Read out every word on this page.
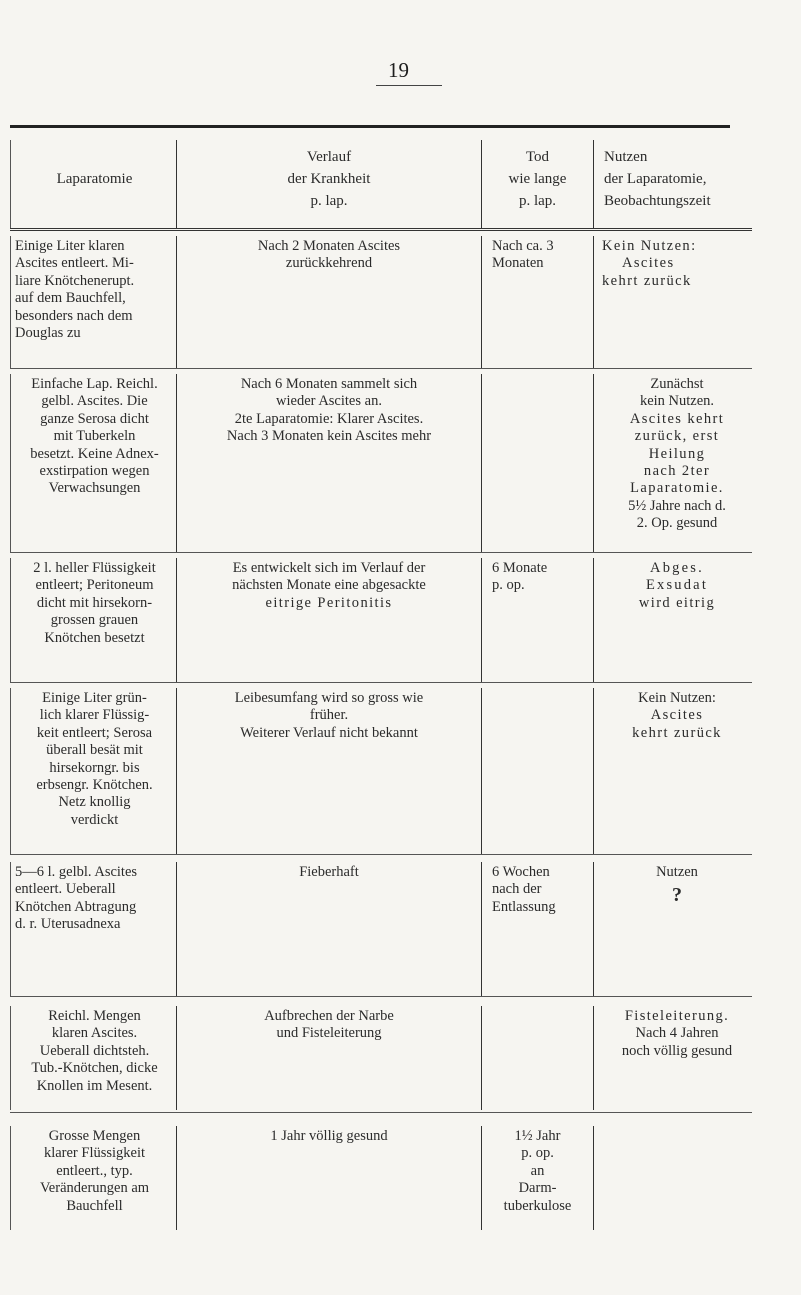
19
Laparatomie
Verlauf
der Krankheit
p. lap.
Tod
wie lange
p. lap.
Nutzen
der Laparatomie,
Beobachtungszeit
Einige Liter klaren
Ascites entleert. Mi-
liare Knötchenerupt.
auf dem Bauchfell,
besonders nach dem
Douglas zu
Nach 2 Monaten Ascites
zurückkehrend
Nach ca. 3
Monaten
Kein Nutzen:
Ascites
kehrt zurück
Einfache Lap. Reichl.
gelbl. Ascites. Die
ganze Serosa dicht
mit Tuberkeln
besetzt. Keine Adnex-
exstirpation wegen
Verwachsungen
Nach 6 Monaten sammelt sich
wieder Ascites an.
2te Laparatomie: Klarer Ascites.
Nach 3 Monaten kein Ascites mehr
Zunächst
kein Nutzen.
Ascites kehrt
zurück, erst
Heilung
nach 2ter
Laparatomie.
5½ Jahre nach d.
2. Op. gesund
2 l. heller Flüssigkeit
entleert; Peritoneum
dicht mit hirsekorn-
grossen grauen
Knötchen besetzt
Es entwickelt sich im Verlauf der
nächsten Monate eine abgesackte
eitrige Peritonitis
6 Monate
p. op.
Abges.
Exsudat
wird eitrig
Einige Liter grün-
lich klarer Flüssig-
keit entleert; Serosa
überall besät mit
hirsekorngr. bis
erbsengr. Knötchen.
Netz knollig
verdickt
Leibesumfang wird so gross wie
früher.
Weiterer Verlauf nicht bekannt
Kein Nutzen:
Ascites
kehrt zurück
5—6 l. gelbl. Ascites
entleert. Ueberall
Knötchen Abtragung
d. r. Uterusadnexa
Fieberhaft	6 Wochen
nach der
Entlassung
Nutzen
?
Reichl. Mengen
klaren Ascites.
Ueberall dichtsteh.
Tub.-Knötchen, dicke
Knollen im Mesent.
Aufbrechen der Narbe
und Fisteleiterung
Fisteleiterung.
Nach 4 Jahren
noch völlig gesund
Grosse Mengen
klarer Flüssigkeit
entleert., typ.
Veränderungen am
Bauchfell
1 Jahr völlig gesund	1½ Jahr
p. op.
an
Darm-
tuberkulose
